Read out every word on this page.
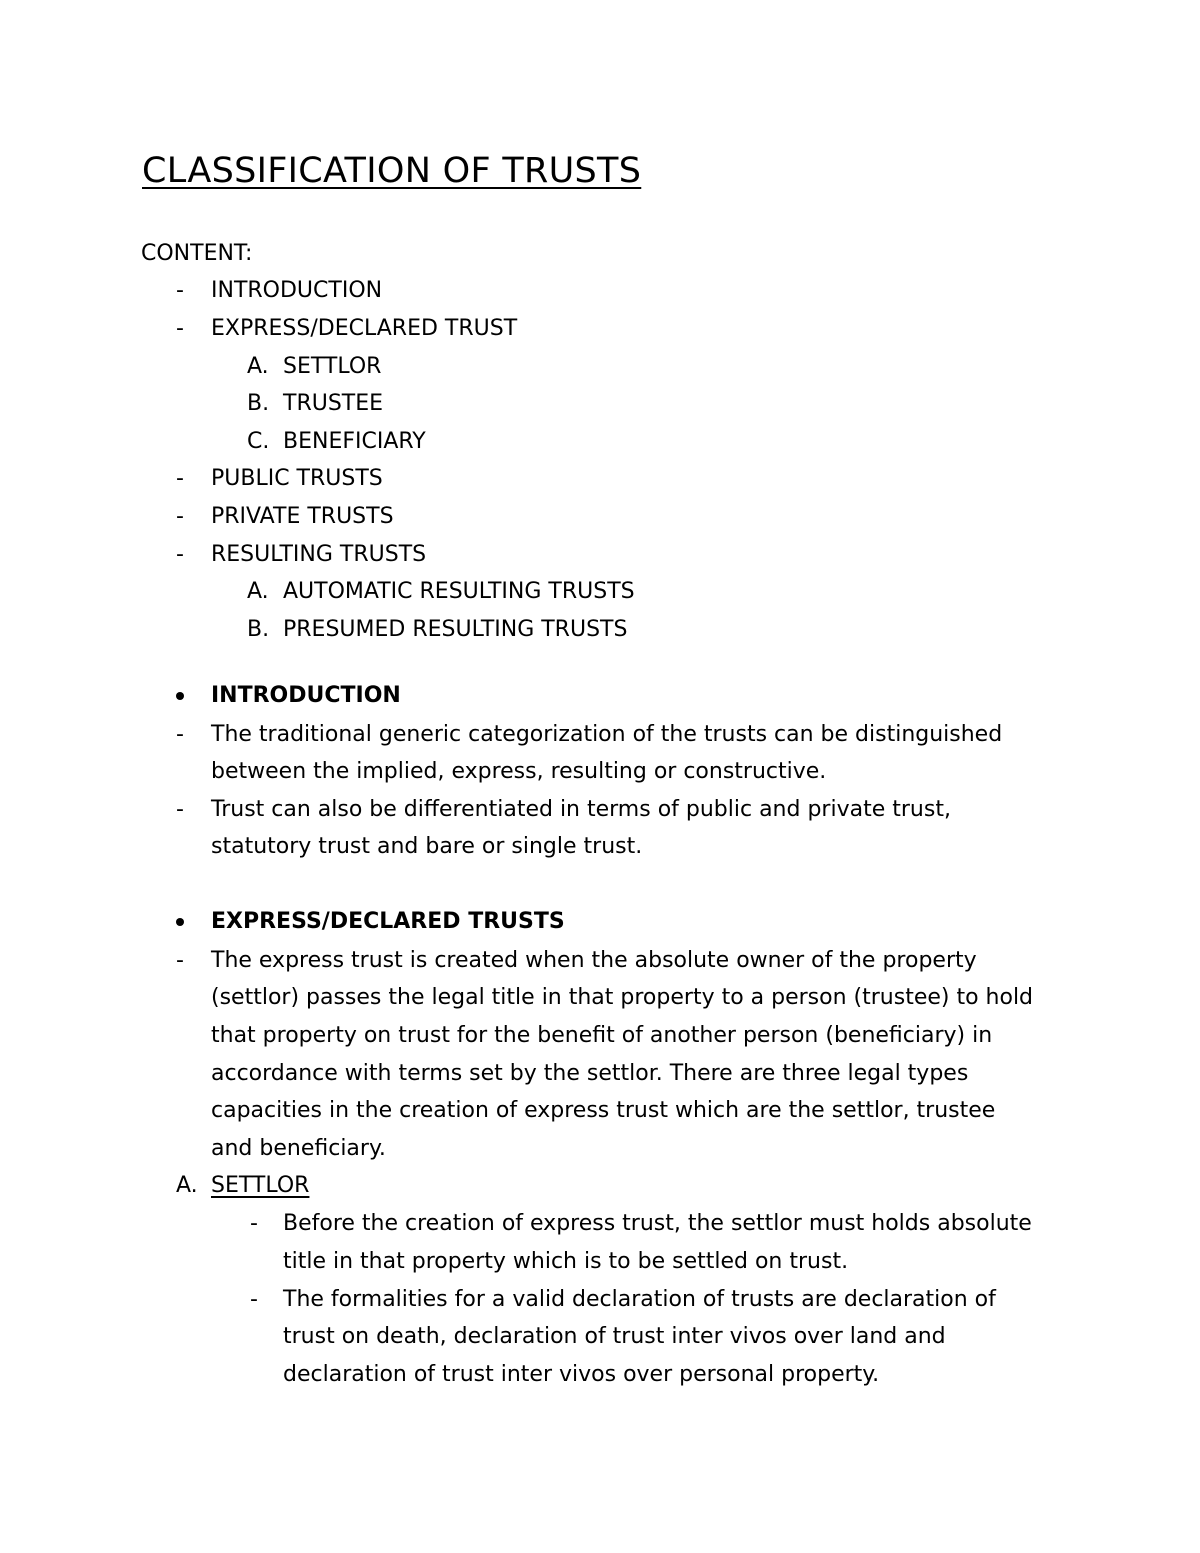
CLASSIFICATION OF TRUSTS
CONTENT:
- INTRODUCTION
- EXPRESS/DECLARED TRUST
A. SETTLOR
B. TRUSTEE
C. BENEFICIARY
- PUBLIC TRUSTS
- PRIVATE TRUSTS
- RESULTING TRUSTS
A. AUTOMATIC RESULTING TRUSTS
B. PRESUMED RESULTING TRUSTS
INTRODUCTION
- The traditional generic categorization of the trusts can be distinguished
between the implied, express, resulting or constructive.
- Trust can also be differentiated in terms of public and private trust,
statutory trust and bare or single trust.
EXPRESS/DECLARED TRUSTS
- The express trust is created when the absolute owner of the property
(settlor) passes the legal title in that property to a person (trustee) to hold
that property on trust for the benefit of another person (beneficiary) in
accordance with terms set by the settlor. There are three legal types
capacities in the creation of express trust which are the settlor, trustee
and beneficiary.
A. SETTLOR
- Before the creation of express trust, the settlor must holds absolute
title in that property which is to be settled on trust.
- The formalities for a valid declaration of trusts are declaration of
trust on death, declaration of trust inter vivos over land and
declaration of trust inter vivos over personal property.
